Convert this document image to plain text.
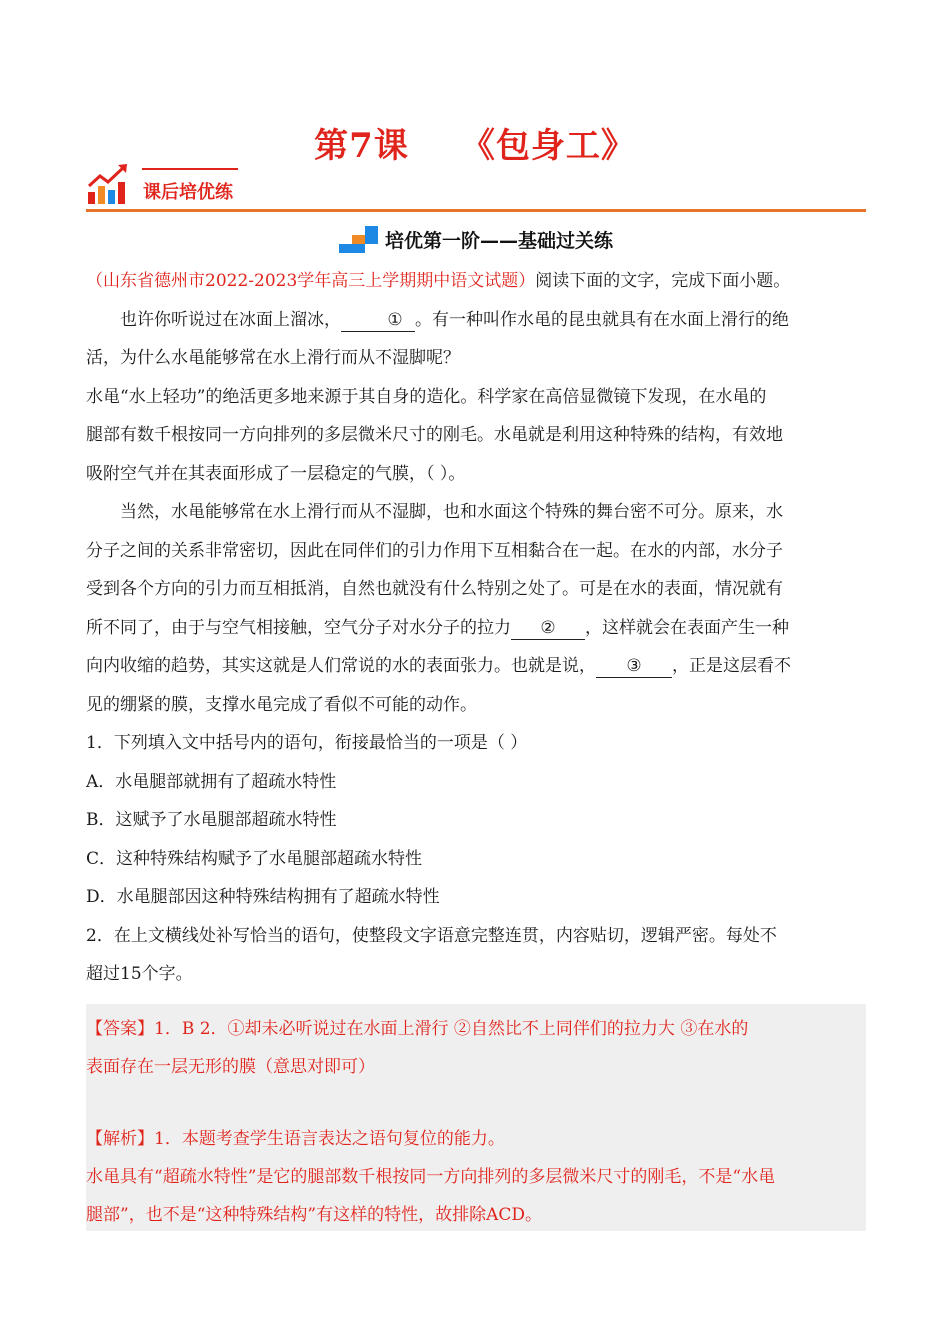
第7课 《包身工》
课后培优练
培优第一阶——基础过关练

（山东省德州市2022-2023学年高三上学期期中语文试题）阅读下面的文字，完成下面小题。

也许你听说过在冰面上溜冰，	① 。有一种叫作水黾的昆虫就具有在水面上滑行的绝

活，为什么水黾能够常在水上滑行而从不湿脚呢？

水黾“水上轻功”的绝活更多地来源于其自身的造化。科学家在高倍显微镜下发现，在水黾的

腿部有数千根按同一方向排列的多层微米尺寸的刚毛。水黾就是利用这种特殊的结构，有效地

吸附空气并在其表面形成了一层稳定的气膜，（ ）。

当然，水黾能够常在水上滑行而从不湿脚，也和水面这个特殊的舞台密不可分。原来，水

分子之间的关系非常密切，因此在同伴们的引力作用下互相黏合在一起。在水的内部，水分子

受到各个方向的引力而互相抵消，自然也就没有什么特别之处了。可是在水的表面，情况就有

所不同了，由于与空气相接触，空气分子对水分子的拉力 ② ，这样就会在表面产生一种

向内收缩的趋势，其实这就是人们常说的水的表面张力。也就是说， ③ ，正是这层看不

见的绷紧的膜，支撑水黾完成了看似不可能的动作。

1．下列填入文中括号内的语句，衔接最恰当的一项是（ ）

A．水黾腿部就拥有了超疏水特性

B．这赋予了水黾腿部超疏水特性

C．这种特殊结构赋予了水黾腿部超疏水特性

D．水黾腿部因这种特殊结构拥有了超疏水特性

2．在上文横线处补写恰当的语句，使整段文字语意完整连贯，内容贴切，逻辑严密。每处不

超过15个字。

【答案】1．B 2．①却未必听说过在水面上滑行 ②自然比不上同伴们的拉力大 ③在水的
表面存在一层无形的膜（意思对即可）
【解析】1．本题考查学生语言表达之语句复位的能力。
水黾具有“超疏水特性”是它的腿部数千根按同一方向排列的多层微米尺寸的刚毛，不是“水黾
腿部”，也不是“这种特殊结构”有这样的特性，故排除ACD。
